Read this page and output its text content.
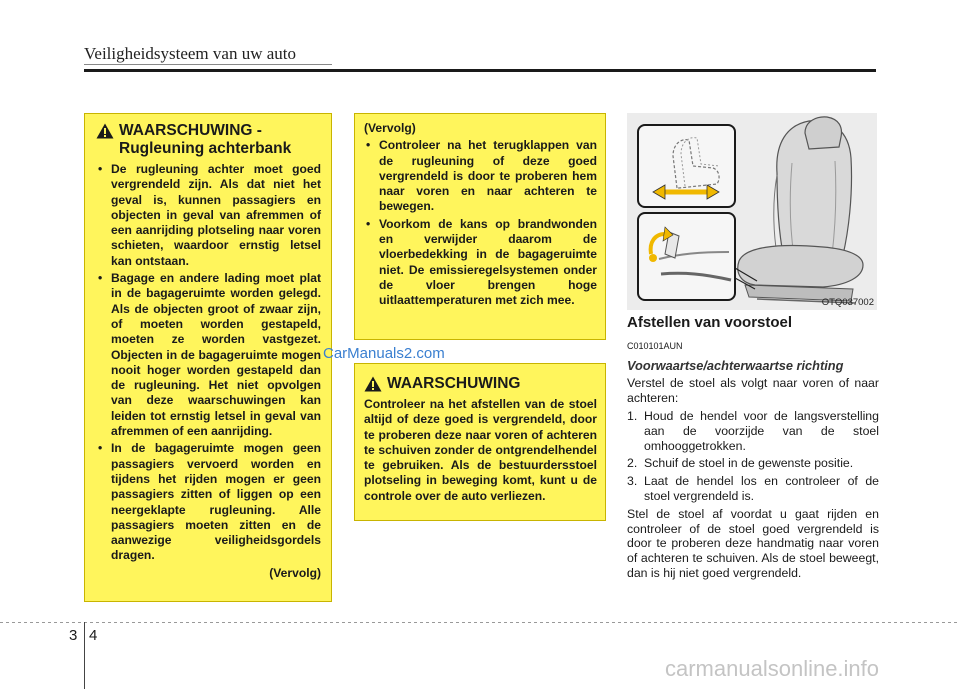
Veiligheidsysteem van uw auto
WAARSCHUWING -
Rugleuning achterbank
• De rugleuning achter moet goed vergrendeld zijn. Als dat niet het geval is, kunnen passagiers en objecten in geval van afremmen of een aanrijding plotseling naar voren schieten, waardoor ernstig letsel kan ontstaan.
• Bagage en andere lading moet plat in de bagageruimte worden gelegd. Als de objecten groot of zwaar zijn, of moeten worden gestapeld, moeten ze worden vastgezet. Objecten in de bagageruimte mogen nooit hoger worden gestapeld dan de rugleuning. Het niet opvolgen van deze waarschuwingen kan leiden tot ernstig letsel in geval van afremmen of een aanrijding.
• In de bagageruimte mogen geen passagiers vervoerd worden en tijdens het rijden mogen er geen passagiers zitten of liggen op een neergeklapte rugleuning. Alle passagiers moeten zitten en de aanwezige veiligheidsgordels dragen.
(Vervolg)
(Vervolg)
• Controleer na het terugklappen van de rugleuning of deze goed vergrendeld is door te proberen hem naar voren en naar achteren te bewegen.
• Voorkom de kans op brandwonden en verwijder daarom de vloerbedekking in de bagageruimte niet. De emissieregelsystemen onder de vloer brengen hoge uitlaattemperaturen met zich mee.
WAARSCHUWING
Controleer na het afstellen van de stoel altijd of deze goed is vergrendeld, door te proberen deze naar voren of achteren te schuiven zonder de ontgrendelhendel te gebruiken. Als de bestuurdersstoel plotseling in beweging komt, kunt u de controle over de auto verliezen.
OTQ037002
Afstellen van voorstoel
C010101AUN
Voorwaartse/achterwaartse richting
Verstel de stoel als volgt naar voren of naar achteren:
1. Houd de hendel voor de langsverstelling aan de voorzijde van de stoel omhooggetrokken.
2. Schuif de stoel in de gewenste positie.
3. Laat de hendel los en controleer of de stoel vergrendeld is.
Stel de stoel af voordat u gaat rijden en controleer of de stoel goed vergrendeld is door te proberen deze handmatig naar voren of achteren te schuiven. Als de stoel beweegt, dan is hij niet goed vergrendeld.
3 4
CarManuals2.com
carmanualsonline.info
